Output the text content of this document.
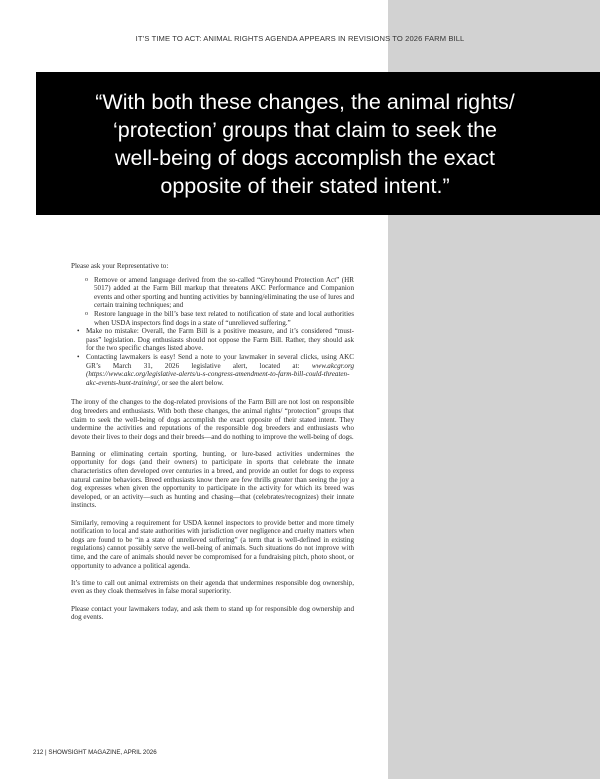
IT’S TIME TO ACT: ANIMAL RIGHTS AGENDA APPEARS IN REVISIONS TO 2026 FARM BILL
“With both these changes, the animal rights/
‘protection’ groups that claim to seek the
well-being of dogs accomplish the exact
opposite of their stated intent.”

Please ask your Representative to:

o Remove or amend language derived from the so-called “Greyhound Protection Act” (HR 5017) added at the Farm Bill markup that threatens AKC Performance and Companion events and other sporting and hunting activities by banning/eliminating the use of lures and certain training techniques; and
o Restore language in the bill’s base text related to notification of state and local authorities when USDA inspectors find dogs in a state of “unrelieved suffering.”
• Make no mistake: Overall, the Farm Bill is a positive measure, and it’s considered “must-pass” legislation. Dog enthusiasts should not oppose the Farm Bill. Rather, they should ask for the two specific changes listed above.
• Contacting lawmakers is easy! Send a note to your lawmaker in several clicks, using AKC GR’s March 31, 2026 legislative alert, located at: www.akcgr.org (https://www.akc.org/legislative-alerts/u-s-congress-amendment-to-farm-bill-could-threaten-akc-events-hunt-training/, or see the alert below.

The irony of the changes to the dog-related provisions of the Farm Bill are not lost on responsible dog breeders and enthusiasts. With both these changes, the animal rights/ “protection” groups that claim to seek the well-being of dogs accomplish the exact opposite of their stated intent. They undermine the activities and reputations of the responsible dog breeders and enthusiasts who devote their lives to their dogs and their breeds—and do nothing to improve the well-being of dogs.

Banning or eliminating certain sporting, hunting, or lure-based activities undermines the opportunity for dogs (and their owners) to participate in sports that celebrate the innate characteristics often developed over centuries in a breed, and provide an outlet for dogs to express natural canine behaviors. Breed enthusiasts know there are few thrills greater than seeing the joy a dog expresses when given the opportunity to participate in the activity for which its breed was developed, or an activity—such as hunting and chasing—that (celebrates/recognizes) their innate instincts.

Similarly, removing a requirement for USDA kennel inspectors to provide better and more timely notification to local and state authorities with jurisdiction over negligence and cruelty matters when dogs are found to be “in a state of unrelieved suffering” (a term that is well-defined in existing regulations) cannot possibly serve the well-being of animals. Such situations do not improve with time, and the care of animals should never be compromised for a fundraising pitch, photo shoot, or opportunity to advance a political agenda.

It’s time to call out animal extremists on their agenda that undermines responsible dog ownership, even as they cloak themselves in false moral superiority.

Please contact your lawmakers today, and ask them to stand up for responsible dog ownership and dog events.

212 | SHOWSIGHT MAGAZINE, APRIL 2026
